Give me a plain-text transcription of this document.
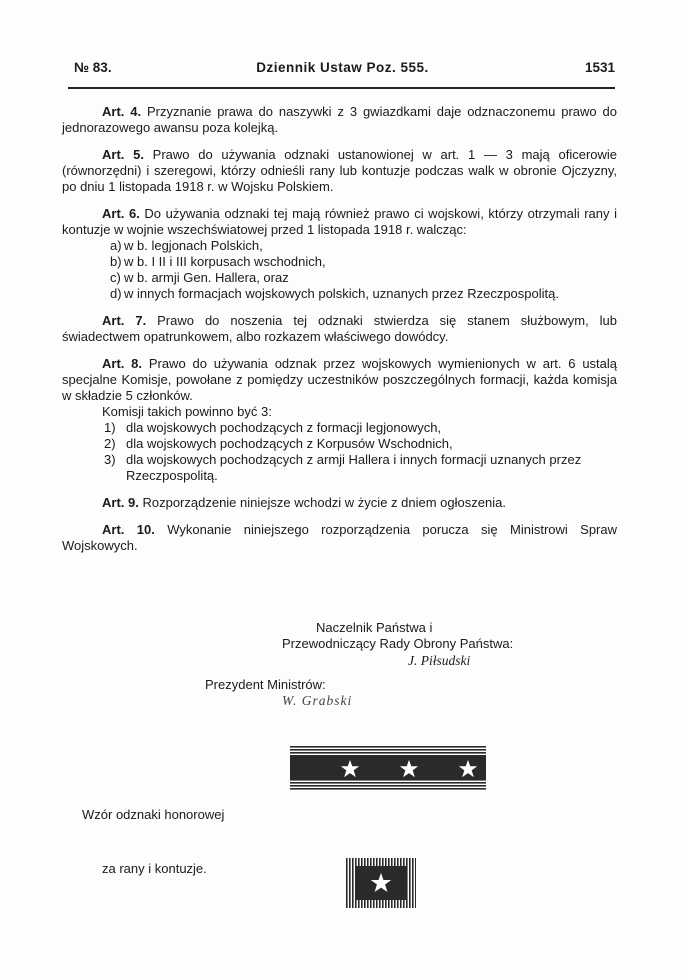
№ 83.	Dziennik Ustaw Poz. 555.	1531

Art. 4. Przyznanie prawa do naszywki z 3 gwiazdkami daje odznaczonemu prawo do jednorazowego awansu poza kolejką.

Art. 5. Prawo do używania odznaki ustanowionej w art. 1 — 3 mają oficerowie (równorzędni) i szeregowi, którzy odnieśli rany lub kontuzje podczas walk w obronie Ojczyzny, po dniu 1 listopada 1918 r. w Wojsku Polskiem.

Art. 6. Do używania odznaki tej mają również prawo ci wojskowi, którzy otrzymali rany i kontuzje w wojnie wszechświatowej przed 1 listopada 1918 r. walcząc:

a) w b. legjonach Polskich,
b) w b. I II i III korpusach wschodnich,
c) w b. armji Gen. Hallera, oraz
d) w innych formacjach wojskowych polskich, uznanych przez Rzeczpospolitą.

Art. 7. Prawo do noszenia tej odznaki stwierdza się stanem służbowym, lub świadectwem opatrunkowem, albo rozkazem właściwego dowódcy.

Art. 8. Prawo do używania odznak przez wojskowych wymienionych w art. 6 ustalą specjalne Komisje, powołane z pomiędzy uczestników poszczególnych formacji, każda komisja w składzie 5 członków.

Komisji takich powinno być 3:

1) dla wojskowych pochodzących z formacji legjonowych,
2) dla wojskowych pochodzących z Korpusów Wschodnich,
3) dla wojskowych pochodzących z armji Hallera i innych formacji uznanych przez Rzeczpospolitą.

Art. 9. Rozporządzenie niniejsze wchodzi w życie z dniem ogłoszenia.

Art. 10. Wykonanie niniejszego rozporządzenia porucza się Ministrowi Spraw Wojskowych.

Naczelnik Państwa i
Przewodniczący Rady Obrony Państwa:
J. Piłsudski
Prezydent Ministrów:
W. Grabski
Wzór odznaki honorowej
za rany i kontuzje.
